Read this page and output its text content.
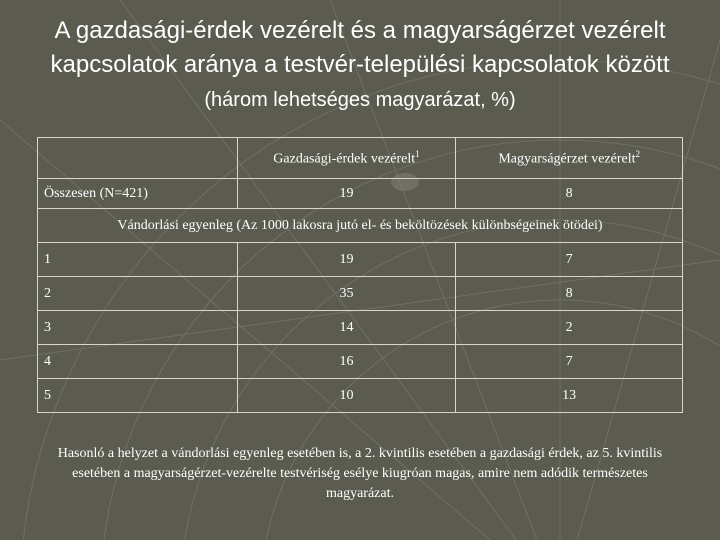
A gazdasági-érdek vezérelt és a magyarságérzet vezérelt kapcsolatok aránya a testvér-települési kapcsolatok között (három lehetséges magyarázat, %)
	Gazdasági-érdek vezérelt$^1$	Magyarságérzet vezérelt$^2$
Összesen (N=421)	19	8
Vándorlási egyenleg (Az 1000 lakosra jutó el- és beköltözések különbségeinek ötödei)		
1	19	7
2	35	8
3	14	2
4	16	7
5	10	13
Hasonló a helyzet a vándorlási egyenleg esetében is, a 2. kvintilis esetében a gazdasági érdek, az 5. kvintilis esetében a magyarságérzet-vezérelte testvériség esélye kiugróan magas, amire nem adódik természetes magyarázat.
